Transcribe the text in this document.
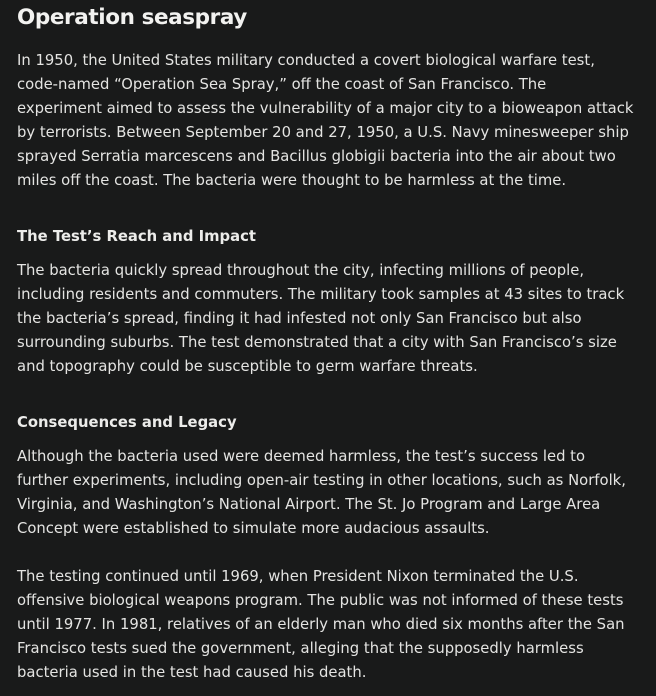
Operation seaspray

In 1950, the United States military conducted a covert biological warfare test,
code-named “Operation Sea Spray,” off the coast of San Francisco. The
experiment aimed to assess the vulnerability of a major city to a bioweapon attack
by terrorists. Between September 20 and 27, 1950, a U.S. Navy minesweeper ship
sprayed Serratia marcescens and Bacillus globigii bacteria into the air about two
miles off the coast. The bacteria were thought to be harmless at the time.

The Test’s Reach and Impact

The bacteria quickly spread throughout the city, infecting millions of people,
including residents and commuters. The military took samples at 43 sites to track
the bacteria’s spread, finding it had infested not only San Francisco but also
surrounding suburbs. The test demonstrated that a city with San Francisco’s size
and topography could be susceptible to germ warfare threats.

Consequences and Legacy

Although the bacteria used were deemed harmless, the test’s success led to
further experiments, including open-air testing in other locations, such as Norfolk,
Virginia, and Washington’s National Airport. The St. Jo Program and Large Area
Concept were established to simulate more audacious assaults.

The testing continued until 1969, when President Nixon terminated the U.S.
offensive biological weapons program. The public was not informed of these tests
until 1977. In 1981, relatives of an elderly man who died six months after the San
Francisco tests sued the government, alleging that the supposedly harmless
bacteria used in the test had caused his death.
